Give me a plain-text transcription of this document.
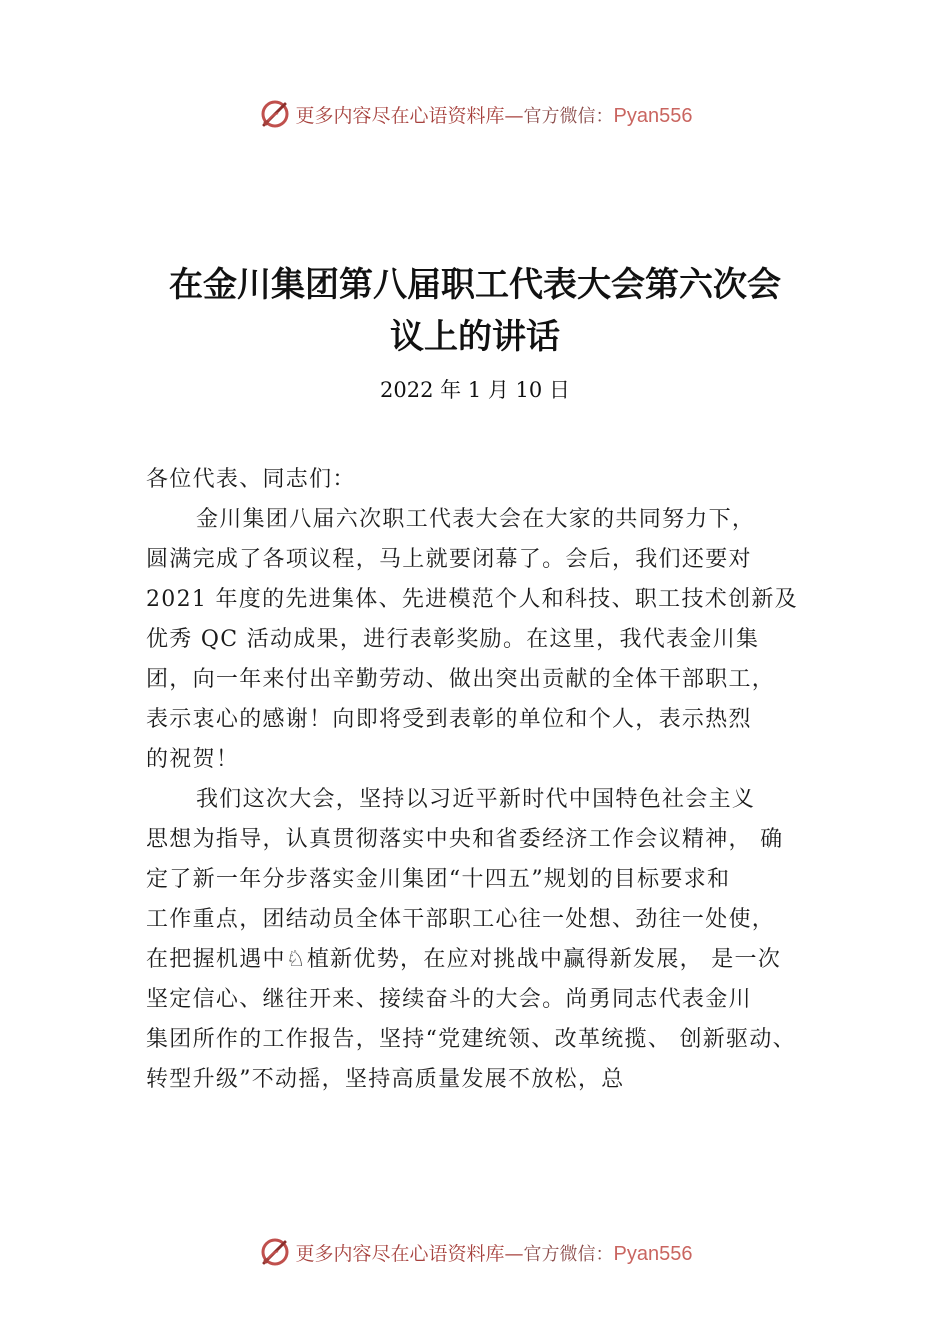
更多内容尽在心语资料库—官方微信：Pyan556
在金川集团第八届职工代表大会第六次会
议上的讲话
2022 年 1 月 10 日

各位代表、同志们：

金川集团八届六次职工代表大会在大家的共同努力下，

圆满完成了各项议程，马上就要闭幕了。会后，我们还要对

2021 年度的先进集体、先进模范个人和科技、职工技术创新及

优秀 QC 活动成果，进行表彰奖励。在这里，我代表金川集

团，向一年来付出辛勤劳动、做出突出贡献的全体干部职工，

表示衷心的感谢！向即将受到表彰的单位和个人，表示热烈

的祝贺！

我们这次大会，坚持以习近平新时代中国特色社会主义

思想为指导，认真贯彻落实中央和省委经济工作会议精神， 确

定了新一年分步落实金川集团“十四五”规划的目标要求和

工作重点，团结动员全体干部职工心往一处想、劲往一处使，

在把握机遇中♘植新优势，在应对挑战中赢得新发展， 是一次

坚定信心、继往开来、接续奋斗的大会。尚勇同志代表金川

集团所作的工作报告，坚持“党建统领、改革统揽、 创新驱动、

转型升级”不动摇，坚持高质量发展不放松，总

更多内容尽在心语资料库—官方微信：Pyan556
